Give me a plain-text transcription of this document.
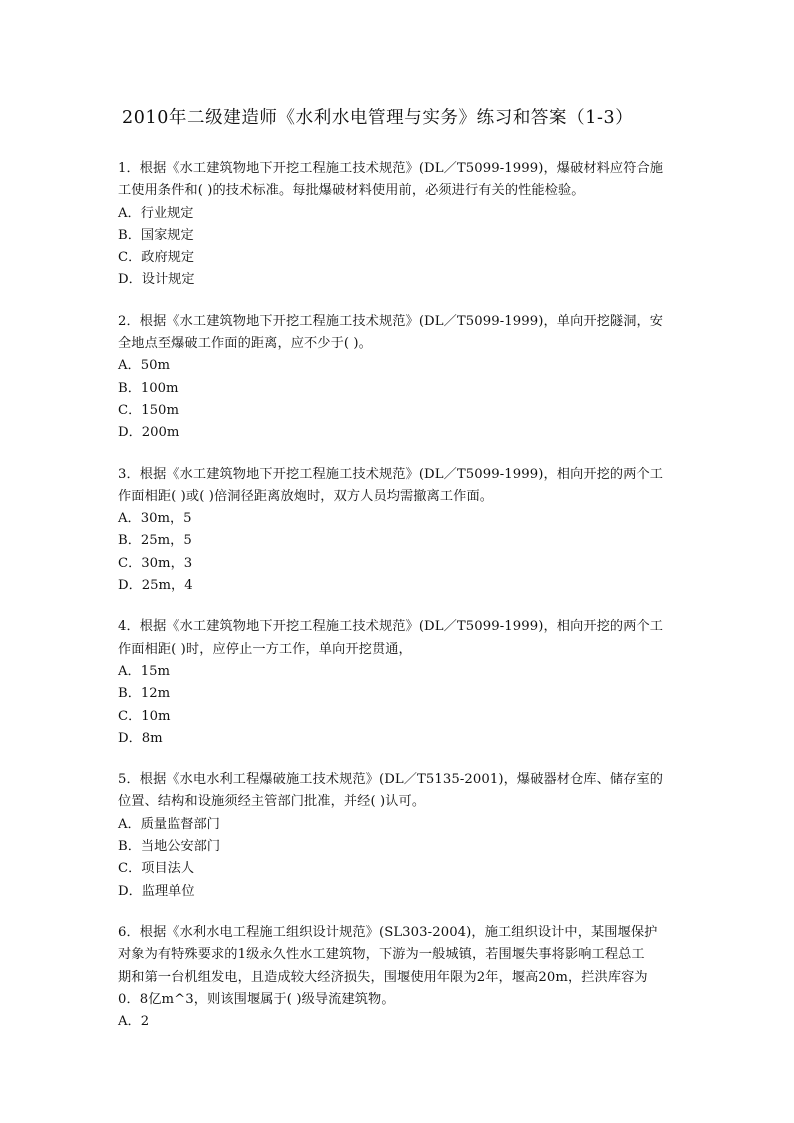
2010年二级建造师《水利水电管理与实务》练习和答案（1-3）
1．根据《水工建筑物地下开挖工程施工技术规范》(DL／T5099-1999)，爆破材料应符合施
工使用条件和( )的技术标准。每批爆破材料使用前，必须进行有关的性能检验。
A．行业规定
B．国家规定
C．政府规定
D．设计规定
2．根据《水工建筑物地下开挖工程施工技术规范》(DL／T5099-1999)，单向开挖隧洞，安
全地点至爆破工作面的距离，应不少于( )。
A．50m
B．100m
C．150m
D．200m
3．根据《水工建筑物地下开挖工程施工技术规范》(DL／T5099-1999)，相向开挖的两个工
作面相距( )或( )倍洞径距离放炮时，双方人员均需撤离工作面。
A．30m，5
B．25m，5
C．30m，3
D．25m，4
4．根据《水工建筑物地下开挖工程施工技术规范》(DL／T5099-1999)，相向开挖的两个工
作面相距( )时，应停止一方工作，单向开挖贯通，
A．15m
B．12m
C．10m
D．8m
5．根据《水电水利工程爆破施工技术规范》(DL／T5135-2001)，爆破器材仓库、储存室的
位置、结构和设施须经主管部门批准，并经( )认可。
A．质量监督部门
B．当地公安部门
C．项目法人
D．监理单位
6．根据《水利水电工程施工组织设计规范》(SL303-2004)，施工组织设计中，某围堰保护
对象为有特殊要求的1级永久性水工建筑物，下游为一般城镇，若围堰失事将影响工程总工
期和第一台机组发电，且造成较大经济损失，围堰使用年限为2年，堰高20m，拦洪库容为
0．8亿m^3，则该围堰属于( )级导流建筑物。
A．2
